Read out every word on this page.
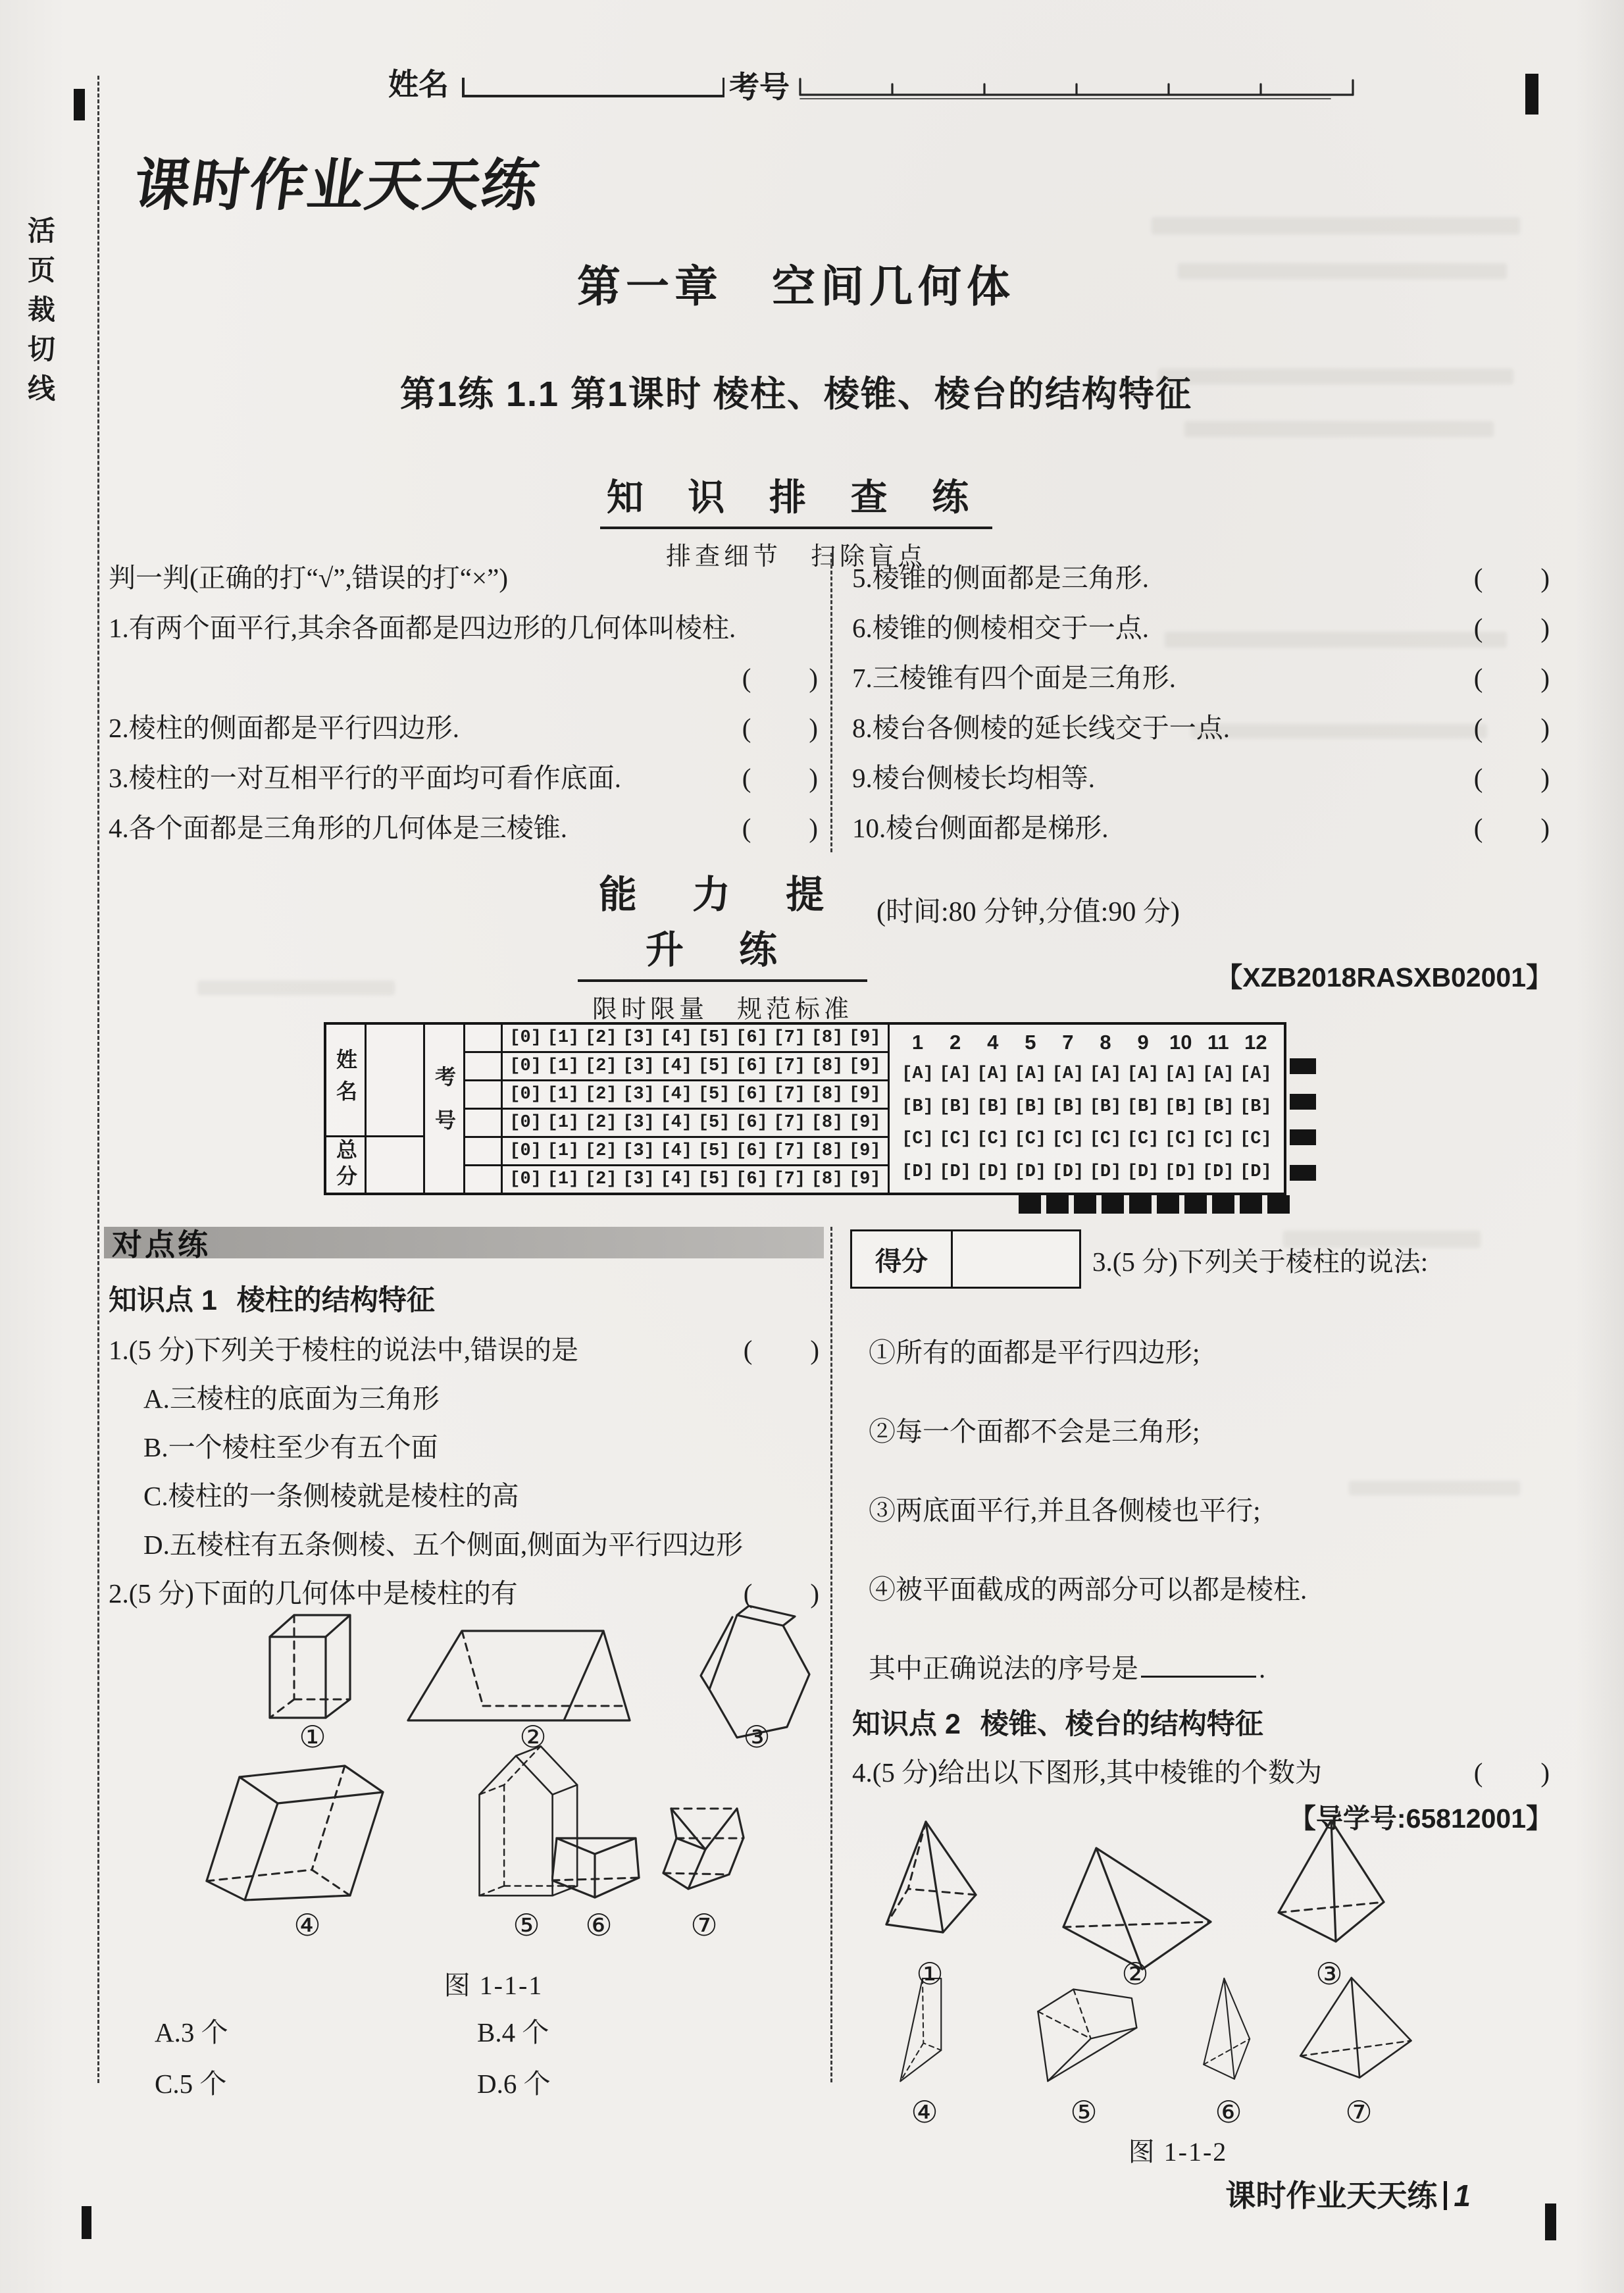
活页裁切线
姓名	考号
课时作业天天练
第一章　空间几何体
第1练 1.1 第1课时 棱柱、棱锥、棱台的结构特征
知 识 排 查 练
排查细节　扫除盲点
判一判(正确的打“√”,错误的打“×”)
1.有两个面平行,其余各面都是四边形的几何体叫棱柱.
(　　)
2.棱柱的侧面都是平行四边形.	(　　)
3.棱柱的一对互相平行的平面均可看作底面.	(　　)
4.各个面都是三角形的几何体是三棱锥.	(　　)
5.棱锥的侧面都是三角形.	(　　)
6.棱锥的侧棱相交于一点.	(　　)
7.三棱锥有四个面是三角形.	(　　)
8.棱台各侧棱的延长线交于一点.	(　　)
9.棱台侧棱长均相等.	(　　)
10.棱台侧面都是梯形.	(　　)
能 力 提 升 练
限时限量　规范标准
(时间:80 分钟,分值:90 分)
【XZB2018RASXB02001】
姓名
总分
考号
[0] [1] [2] [3] [4] [5] [6] [7] [8] [9]
[0] [1] [2] [3] [4] [5] [6] [7] [8] [9]
[0] [1] [2] [3] [4] [5] [6] [7] [8] [9]
[0] [1] [2] [3] [4] [5] [6] [7] [8] [9]
[0] [1] [2] [3] [4] [5] [6] [7] [8] [9]
[0] [1] [2] [3] [4] [5] [6] [7] [8] [9]
1	2	4	5	7	8	9	10 11 12
[A] [A] [A] [A] [A] [A] [A] [A] [A] [A]
[B] [B] [B] [B] [B] [B] [B] [B] [B] [B]
[C] [C] [C] [C] [C] [C] [C] [C] [C] [C]
[D] [D] [D] [D] [D] [D] [D] [D] [D] [D]
对点练
知识点 1 棱柱的结构特征
1.(5 分)下列关于棱柱的说法中,错误的是	(　　)
A.三棱柱的底面为三角形
B.一个棱柱至少有五个面
C.棱柱的一条侧棱就是棱柱的高
D.五棱柱有五条侧棱、五个侧面,侧面为平行四边形
2.(5 分)下面的几何体中是棱柱的有	(　　)
①	②	③
④	⑤	⑥	⑦
图 1-1-1
A.3 个	B.4 个
C.5 个	D.6 个
得分	3.(5 分)下列关于棱柱的说法:
①所有的面都是平行四边形;
②每一个面都不会是三角形;
③两底面平行,并且各侧棱也平行;
④被平面截成的两部分可以都是棱柱.
其中正确说法的序号是	.
知识点 2 棱锥、棱台的结构特征
4.(5 分)给出以下图形,其中棱锥的个数为	(　　)
【导学号:65812001】
①	②	③
④	⑤	⑥	⑦
图 1-1-2
课时作业天天练 1
